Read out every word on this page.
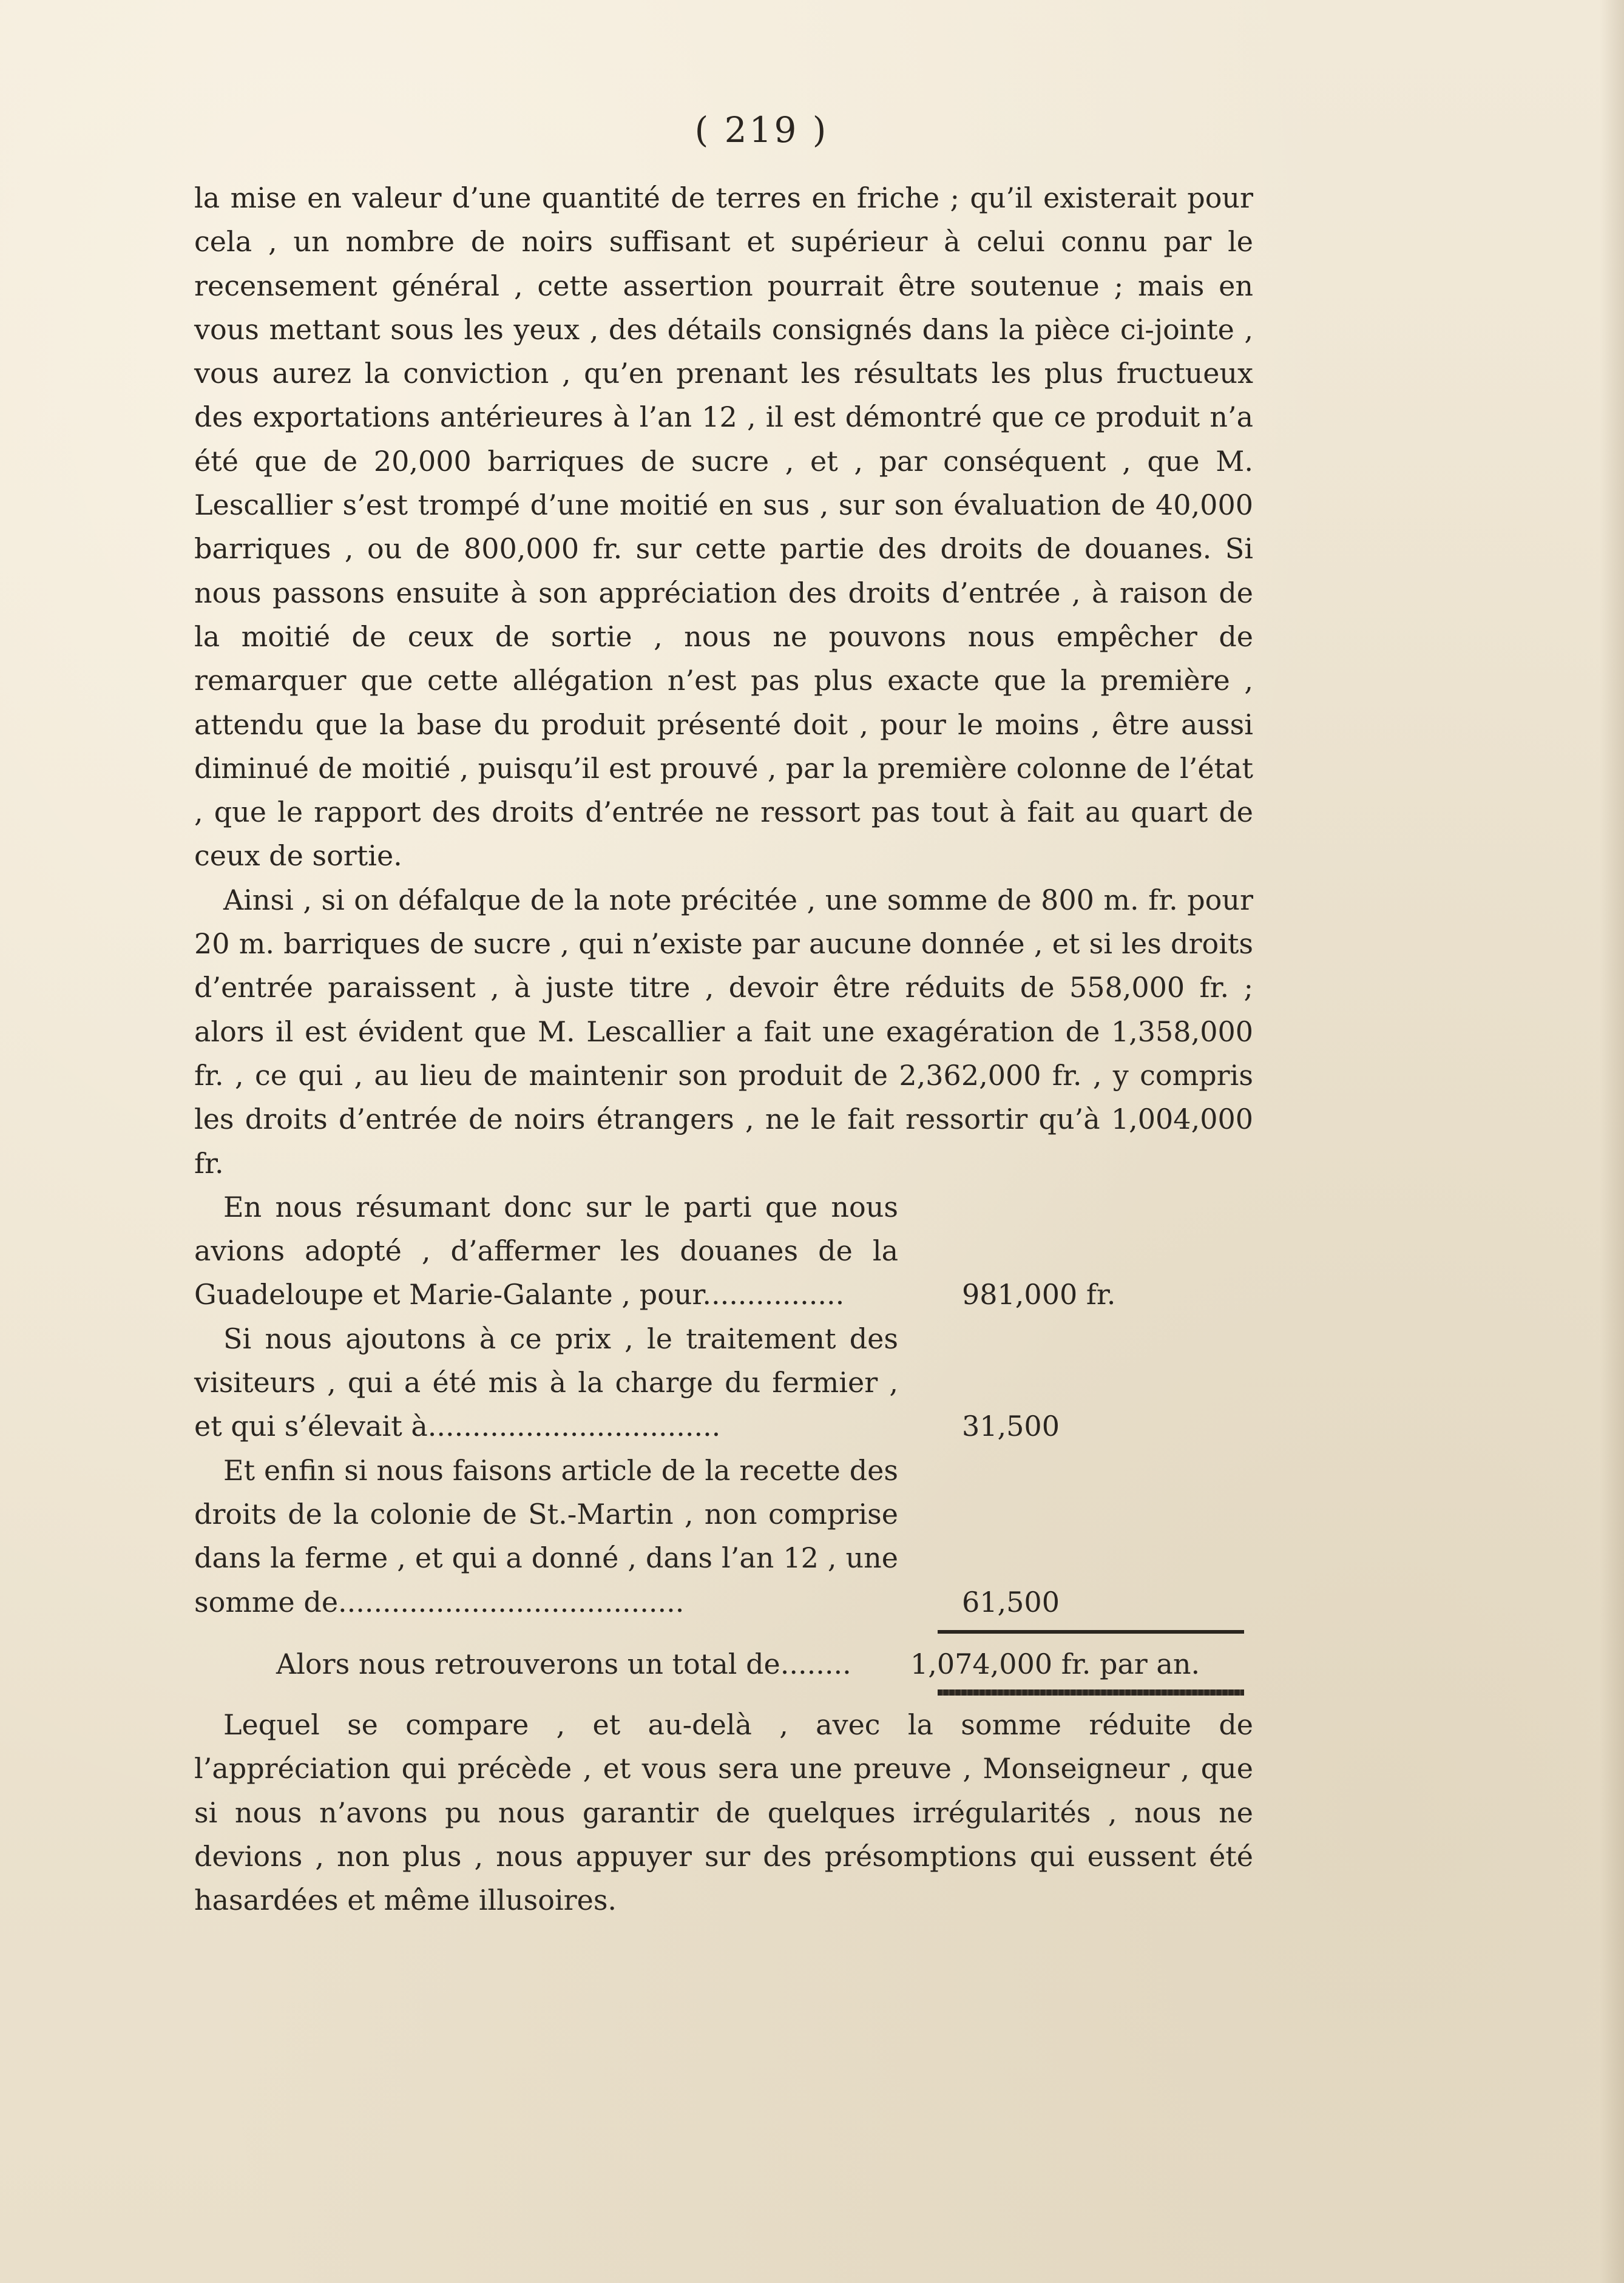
( 219 )

la mise en valeur d’une quantité de terres en friche ; qu’il existerait pour cela , un nombre de noirs suffisant et supérieur à celui connu par le recensement général , cette assertion pourrait être soutenue ; mais en vous mettant sous les yeux , des détails consignés dans la pièce ci-jointe , vous aurez la conviction , qu’en prenant les résultats les plus fructueux des exportations antérieures à l’an 12 , il est démontré que ce produit n’a été que de 20,000 barriques de sucre , et , par conséquent , que M. Lescallier s’est trompé d’une moitié en sus , sur son évaluation de 40,000 barriques , ou de 800,000 fr. sur cette partie des droits de douanes. Si nous passons ensuite à son appréciation des droits d’entrée , à raison de la moitié de ceux de sortie , nous ne pouvons nous empêcher de remarquer que cette allégation n’est pas plus exacte que la première , attendu que la base du produit présenté doit , pour le moins , être aussi diminué de moitié , puisqu’il est prouvé , par la première colonne de l’état , que le rapport des droits d’entrée ne ressort pas tout à fait au quart de ceux de sortie.

Ainsi , si on défalque de la note précitée , une somme de 800 m. fr. pour 20 m. barriques de sucre , qui n’existe par aucune donnée , et si les droits d’entrée paraissent , à juste titre , devoir être réduits de 558,000 fr. ; alors il est évident que M. Lescallier a fait une exagération de 1,358,000 fr. , ce qui , au lieu de maintenir son produit de 2,362,000 fr. , y compris les droits d’entrée de noirs étrangers , ne le fait ressortir qu’à 1,004,000 fr.

En nous résumant donc sur le parti que nous avions adopté , d’affermer les douanes de la Guadeloupe et Marie-Galante , pour................	981,000 fr.
Si nous ajoutons à ce prix , le traitement des visiteurs , qui a été mis à la charge du fermier , et qui s’élevait à.................................	31,500
Et enfin si nous faisons article de la recette des droits de la colonie de St.-Martin , non comprise dans la ferme , et qui a donné , dans l’an 12 , une somme de.......................................	61,500
Alors nous retrouverons un total de........	1,074,000 fr. par an.

Lequel se compare , et au-delà , avec la somme réduite de l’appréciation qui précède , et vous sera une preuve , Monseigneur , que si nous n’avons pu nous garantir de quelques irrégularités , nous ne devions , non plus , nous appuyer sur des présomptions qui eussent été hasardées et même illusoires.
